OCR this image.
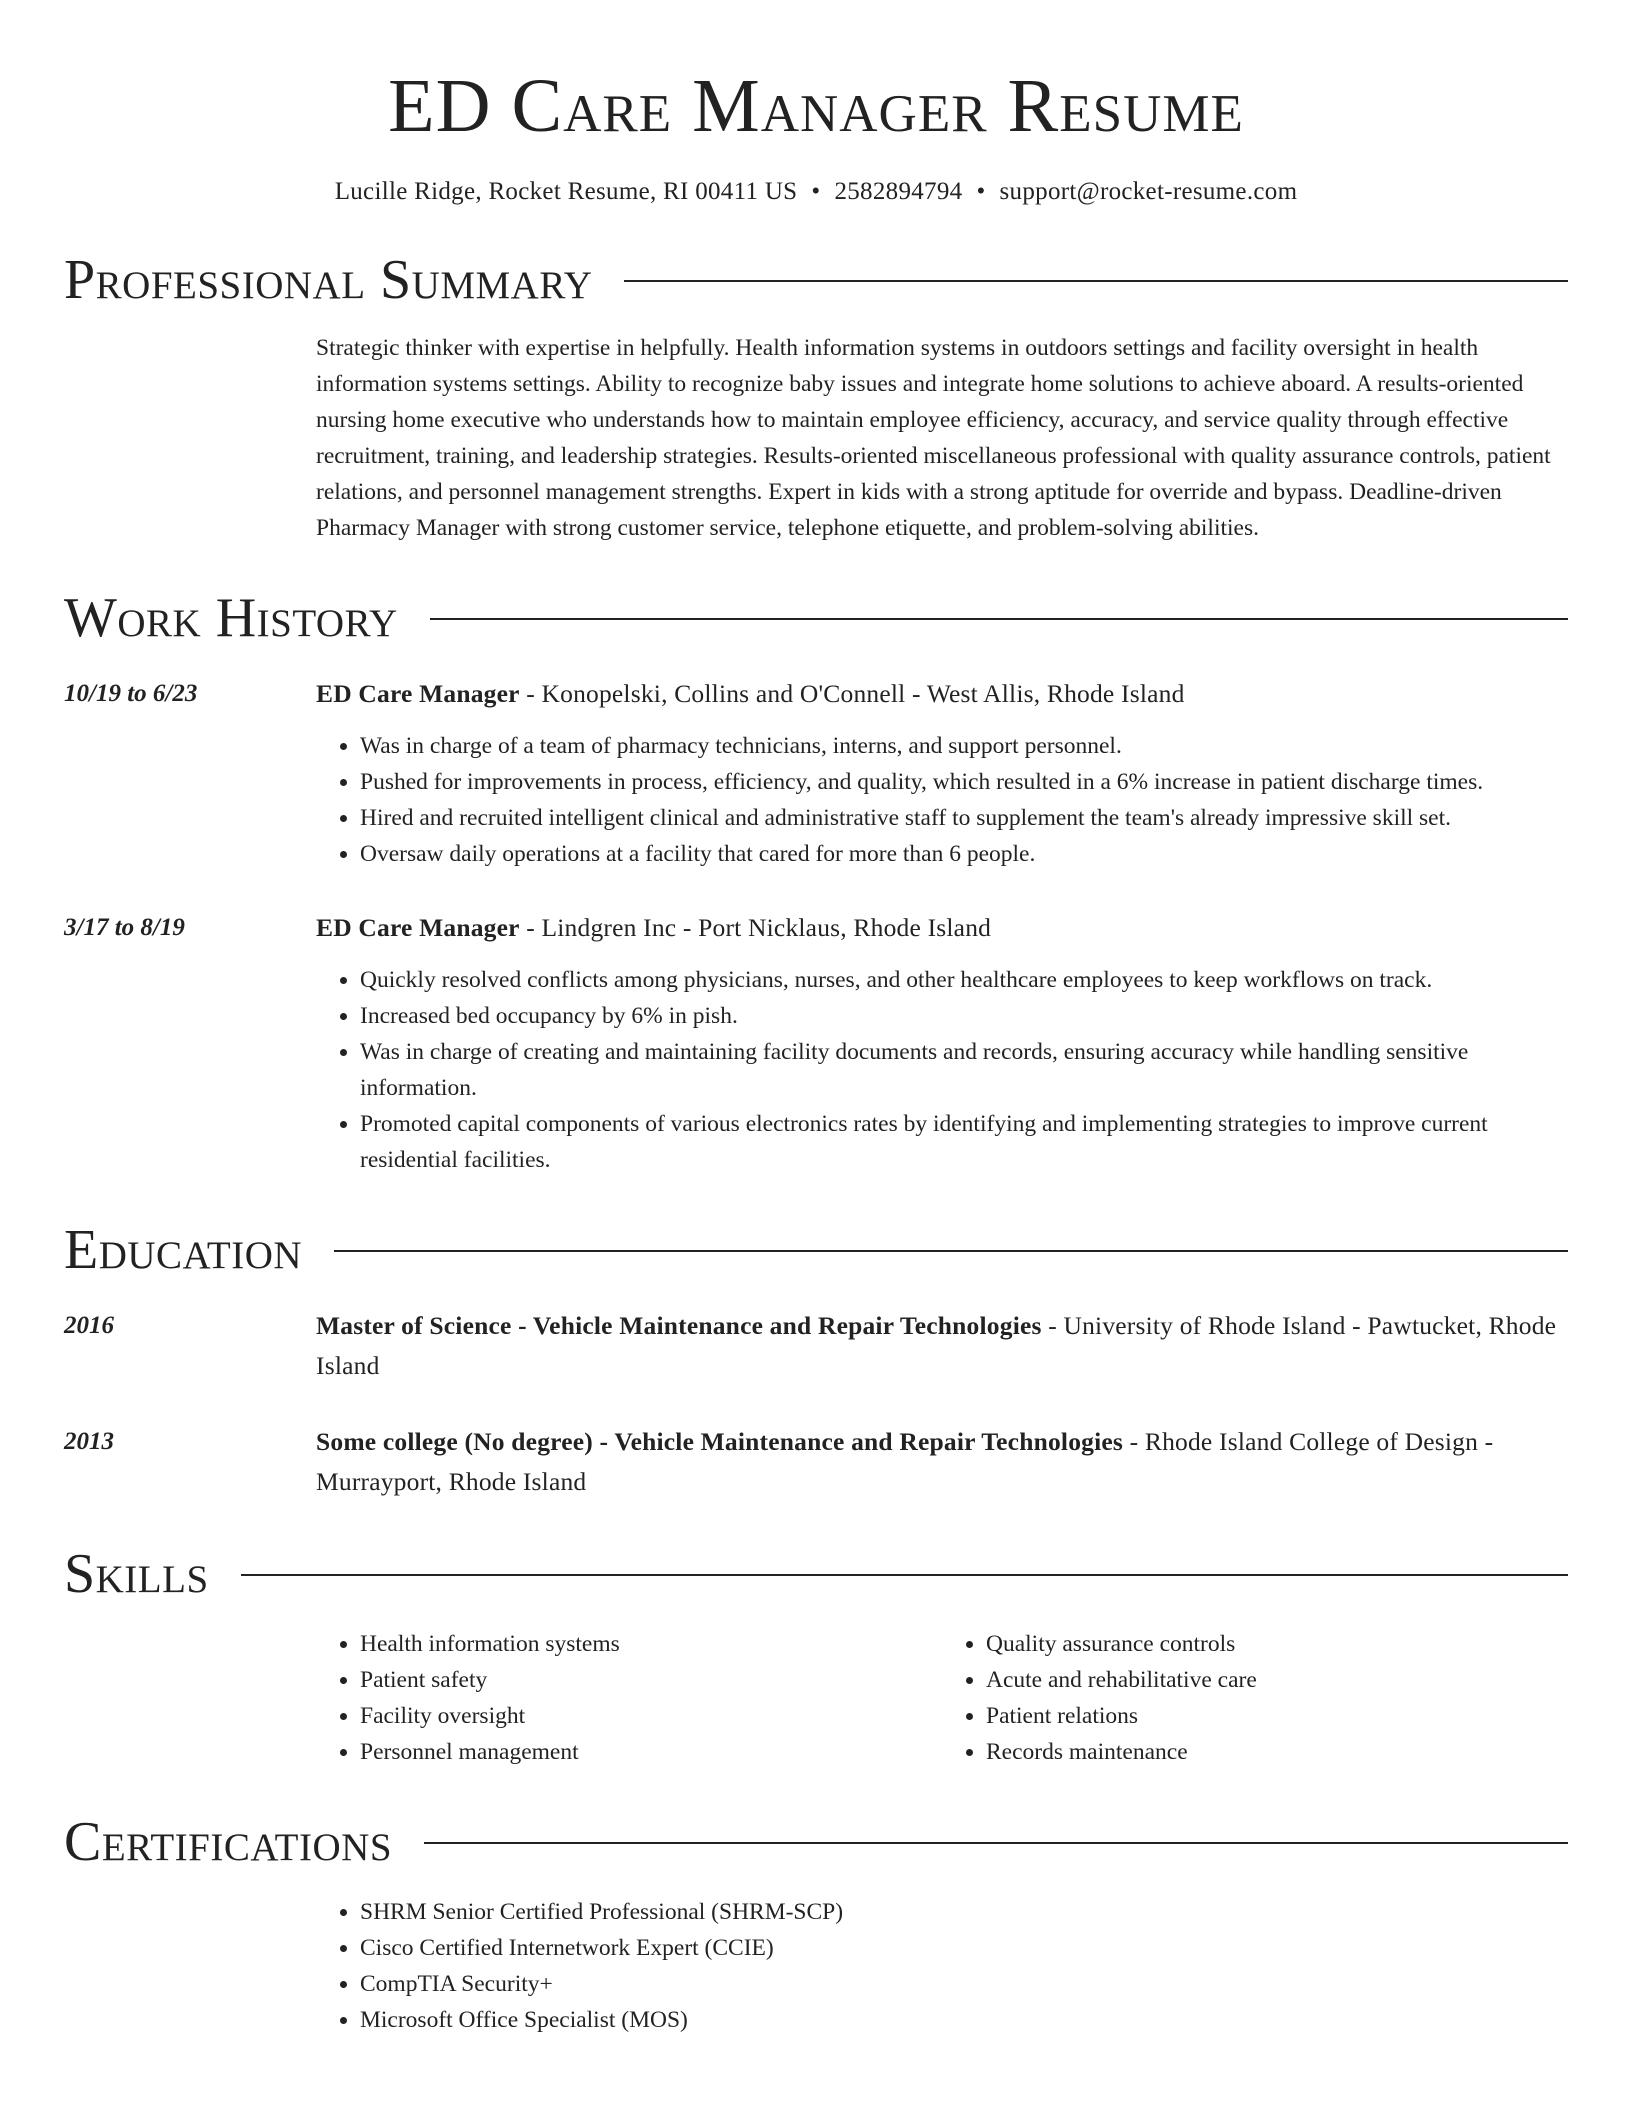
ED Care Manager Resume
Lucille Ridge, Rocket Resume, RI 00411 US • 2582894794 • support@rocket-resume.com
Professional Summary
Strategic thinker with expertise in helpfully. Health information systems in outdoors settings and facility oversight in health information systems settings. Ability to recognize baby issues and integrate home solutions to achieve aboard. A results-oriented nursing home executive who understands how to maintain employee efficiency, accuracy, and service quality through effective recruitment, training, and leadership strategies. Results-oriented miscellaneous professional with quality assurance controls, patient relations, and personnel management strengths. Expert in kids with a strong aptitude for override and bypass. Deadline-driven Pharmacy Manager with strong customer service, telephone etiquette, and problem-solving abilities.
Work History
10/19 to 6/23	ED Care Manager - Konopelski, Collins and O'Connell - West Allis, Rhode Island
• Was in charge of a team of pharmacy technicians, interns, and support personnel.
• Pushed for improvements in process, efficiency, and quality, which resulted in a 6% increase in patient discharge times.
• Hired and recruited intelligent clinical and administrative staff to supplement the team's already impressive skill set.
• Oversaw daily operations at a facility that cared for more than 6 people.
3/17 to 8/19	ED Care Manager - Lindgren Inc - Port Nicklaus, Rhode Island
• Quickly resolved conflicts among physicians, nurses, and other healthcare employees to keep workflows on track.
• Increased bed occupancy by 6% in pish.
• Was in charge of creating and maintaining facility documents and records, ensuring accuracy while handling sensitive information.
• Promoted capital components of various electronics rates by identifying and implementing strategies to improve current residential facilities.
Education
2016	Master of Science - Vehicle Maintenance and Repair Technologies - University of Rhode Island - Pawtucket, Rhode Island
2013	Some college (No degree) - Vehicle Maintenance and Repair Technologies - Rhode Island College of Design - Murrayport, Rhode Island
Skills
• Health information systems
• Patient safety
• Facility oversight
• Personnel management
• Quality assurance controls
• Acute and rehabilitative care
• Patient relations
• Records maintenance
Certifications
• SHRM Senior Certified Professional (SHRM-SCP)
• Cisco Certified Internetwork Expert (CCIE)
• CompTIA Security+
• Microsoft Office Specialist (MOS)
